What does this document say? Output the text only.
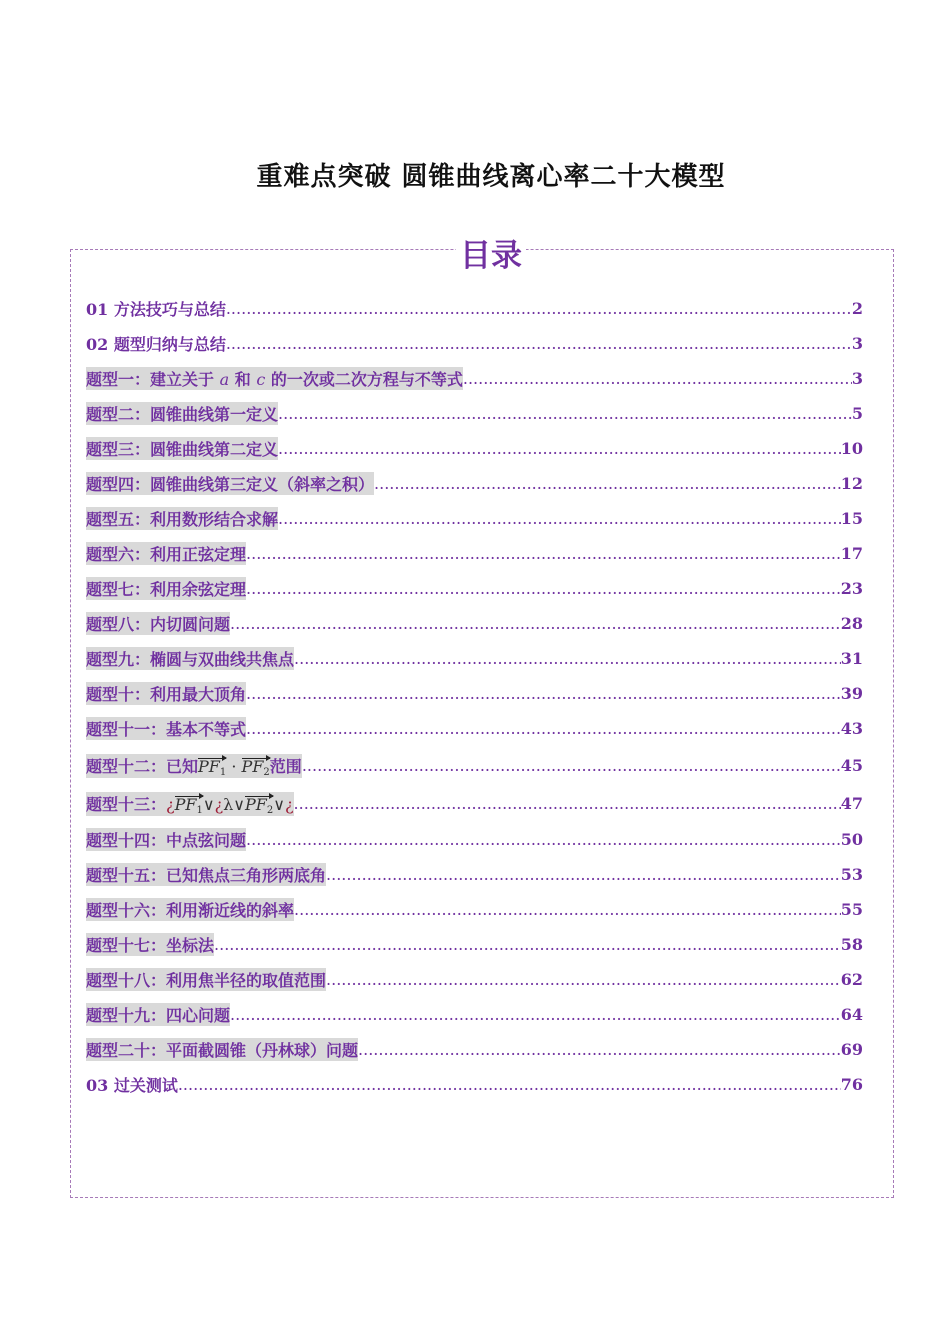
重难点突破 圆锥曲线离心率二十大模型
目录
01 方法技巧与总结 .....	2
02 题型归纳与总结 .....	3
题型一：建立关于 a 和 c 的一次或二次方程与不等式 .....	3
题型二：圆锥曲线第一定义 .....	5
题型三：圆锥曲线第二定义 .....	10
题型四：圆锥曲线第三定义（斜率之积） .....	12
题型五：利用数形结合求解 .....	15
题型六：利用正弦定理 .....	17
题型七：利用余弦定理 .....	23
题型八：内切圆问题 .....	28
题型九：椭圆与双曲线共焦点 .....	31
题型十：利用最大顶角 .....	39
题型十一：基本不等式 .....	43
题型十二：已知$PF_1 \cdot PF_2$范围 .....	45
题型十三：¿$PF_1\vee¿\lambda\vee PF_2\vee¿$ .....	47
题型十四：中点弦问题 .....	50
题型十五：已知焦点三角形两底角 .....	53
题型十六：利用渐近线的斜率 .....	55
题型十七：坐标法 .....	58
题型十八：利用焦半径的取值范围 .....	62
题型十九：四心问题 .....	64
题型二十：平面截圆锥（丹林球）问题 .....	69
03 过关测试 .....	76
